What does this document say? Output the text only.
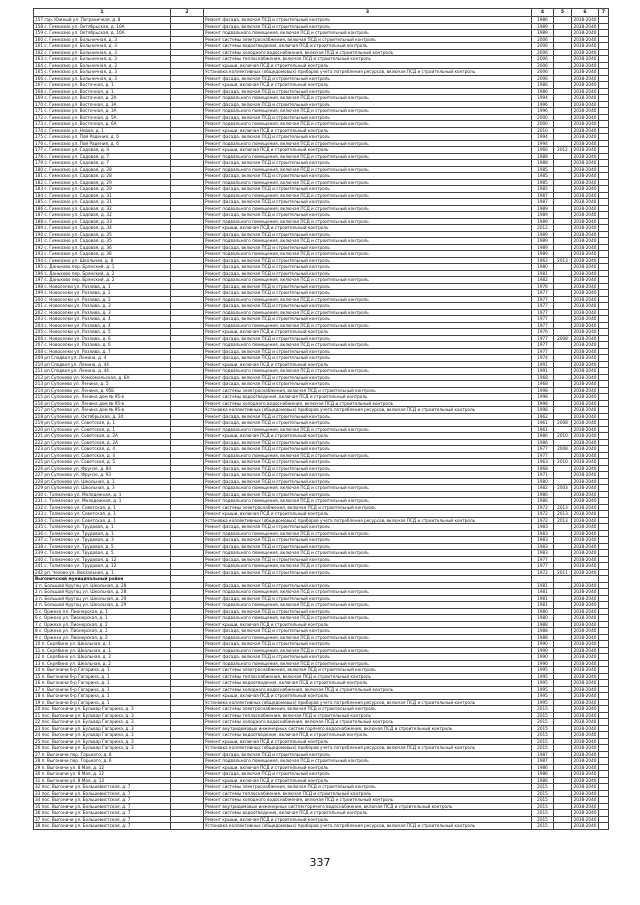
1	2	3	4	5	6	7
157 гор. Южный ул. Пограничная, д. 8		Ремонт фасада, включая ПСД и строительный контроль	1986		2038-2040	
158 с. Гимназио ул. Октябрьская, д. 10А		Ремонт фасада, включая ПСД и строительный контроль	1989		2038-2040	
159 с. Гимназио ул. Октябрьская, д. 10А		Ремонт подвального помещения, включая ПСД и строительный контроль	1989		2038-2040	
160 с. Гимназио ул. Больничная, д. 3		Ремонт системы электроснабжения, включая ПСД и строительный контроль	2006		2038-2040	
161 с. Гимназио ул. Больничная, д. 3		Ремонт системы водоотведения, включая ПСД и строительный контроль	2006		2038-2040	
162 с. Гимназио ул. Больничная, д. 3		Ремонт системы холодного водоснабжения, включая ПСД и строительный контроль	2006		2038-2040	
163 с. Гимназио ул. Больничная, д. 3		Ремонт системы теплоснабжения, включая ПСД и строительный контроль	2006		2038-2040	
164 с. Гимназио ул. Больничная, д. 3		Ремонт крыши, включая ПСД и строительный контроль	2006		2038-2040	
165 с. Гимназио ул. Больничная, д. 3		Установка коллективных (общедомовых) приборов учета потребления ресурсов, включая ПСД и строительный контроль	2006		2038-2040	
166 с. Гимназио ул. Больничная, д. 3		Ремонт фасада, включая ПСД и строительный контроль	2006		2038-2040	
167 с. Гимназио ул. Восточная, д. 1		Ремонт крыши, включая ПСД и строительный контроль	1986		2038-2040	
168 с. Гимназио ул. Восточная, д. 1		Ремонт фасада, включая ПСД и строительный контроль	1986		2038-2040	
169 с. Гимназио ул. Восточная, д. 2А		Ремонт подвального помещения, включая ПСД и строительный контроль	1994		2038-2040	
170 с. Гимназио ул. Восточная, д. 3А		Ремонт фасада, включая ПСД и строительный контроль	1996		2038-2040	
171 с. Гимназио ул. Восточная, д. 3А		Ремонт подвального помещения, включая ПСД и строительный контроль	1996		2038-2040	
172 с. Гимназио ул. Восточная, д. 5А		Ремонт фасада, включая ПСД и строительный контроль	2000		2038-2040	
173 с. Гимназио ул. Восточная, д. 6А		Ремонт подвального помещения, включая ПСД и строительный контроль	2000		2038-2040	
174 с. Гимназио ул. Новая, д. 1		Ремонт крыши, включая ПСД и строительный контроль	2010		2038-2040	
175 с. Гимназио ул. Пой Радения, д. 6		Ремонт фасада, включая ПСД и строительный контроль	1994		2038-2040	
176 с. Гимназио ул. Пой Радения, д. 6		Ремонт подвального помещения, включая ПСД и строительный контроль	1994		2038-2040	
177 с. Гимназио ул. Садовая, д. 4		Ремонт крыши, включая ПСД и строительный контроль	1966	2012	2038-2040	
178 с. Гимназио ул. Садовая, д. 7		Ремонт подвального помещения, включая ПСД и строительный контроль	1988		2038-2040	
179 с. Гимназио ул. Садовая, д. 7		Ремонт фасада, включая ПСД и строительный контроль	1988		2038-2040	
180 с. Гимназио ул. Садовая, д. 28		Ремонт подвального помещения, включая ПСД и строительный контроль	1985		2038-2040	
181 с. Гимназио ул. Садовая, д. 28		Ремонт фасада, включая ПСД и строительный контроль	1985		2038-2040	
182 с. Гимназио ул. Садовая, д. 29		Ремонт подвального помещения, включая ПСД и строительный контроль	1985		2038-2040	
183 с. Гимназио ул. Садовая, д. 29		Ремонт фасада, включая ПСД и строительный контроль	1985		2038-2040	
184 с. Гимназио ул. Садовая, д. 31		Ремонт подвального помещения, включая ПСД и строительный контроль	1987		2038-2040	
185 с. Гимназио ул. Садовая, д. 31		Ремонт фасада, включая ПСД и строительный контроль	1987		2038-2040	
186 с. Гимназио ул. Садовая, д. 32		Ремонт подвального помещения, включая ПСД и строительный контроль	1989		2038-2040	
187 с. Гимназио ул. Садовая, д. 32		Ремонт фасада, включая ПСД и строительный контроль	1989		2038-2040	
188 с. Гимназио ул. Садовая, д. 33		Ремонт подвального помещения, включая ПСД и строительный контроль	1989		2038-2040	
189 с. Гимназио ул. Садовая, д. 34		Ремонт крыши, включая ПСД и строительный контроль	2012		2038-2040	
190 с. Гимназио ул. Садовая, д. 35		Ремонт фасада, включая ПСД и строительный контроль	1989		2038-2040	
191 с. Гимназио ул. Садовая, д. 35		Ремонт подвального помещения, включая ПСД и строительный контроль	1989		2038-2040	
192 с. Гимназио ул. Садовая, д. 36		Ремонт фасада, включая ПСД и строительный контроль	1989		2038-2040	
193 с. Гимназио ул. Садовая, д. 36		Ремонт подвального помещения, включая ПСД и строительный контроль	1989		2038-2040	
194 с. Гимназио ул. Школьная, д. 8		Ремонт фасада, включая ПСД и строительный контроль	1962	2013	2038-2040	
195 с. Даньково пер. Брянский, д. 1		Ремонт фасада, включая ПСД и строительный контроль	1980		2038-2040	
196 с. Даньково пер. Брянский, д. 2		Ремонт фасада, включая ПСД и строительный контроль	1981		2038-2040	
197 с. Даньково пер. Брянский, д. 2		Ремонт подвального помещения, включая ПСД и строительный контроль	1982		2038-2040	
198 с. Новоселки ул. Разлива, д. 1		Ремонт фасада, включая ПСД и строительный контроль	1976		2038-2040	
199 с. Новоселки ул. Разлива, д. 2		Ремонт фасада, включая ПСД и строительный контроль	1977		2038-2040	
200 с. Новоселки ул. Разлива, д. 2		Ремонт подвального помещения, включая ПСД и строительный контроль	1977		2038-2040	
201 с. Новоселки ул. Разлива, д. 3		Ремонт фасада, включая ПСД и строительный контроль	1977		2038-2040	
202 с. Новоселки ул. Разлива, д. 3		Ремонт подвального помещения, включая ПСД и строительный контроль	1977		2038-2040	
203 с. Новоселки ул. Разлива, д. 4		Ремонт фасада, включая ПСД и строительный контроль	1977		2038-2040	
204 с. Новоселки ул. Разлива, д. 4		Ремонт подвального помещения, включая ПСД и строительный контроль	1977		2038-2040	
205 с. Новоселки ул. Разлива, д. 5		Ремонт крыши, включая ПСД и строительный контроль	1976		2038-2040	
206 с. Новоселки ул. Разлива, д. 6		Ремонт фасада, включая ПСД и строительный контроль	1977	2008	2038-2040	
207 с. Новоселки ул. Разлива, д. 6		Ремонт подвального помещения, включая ПСД и строительный контроль	1977		2038-2040	
208 с. Новоселки ул. Разлива, д. 7		Ремонт фасада, включая ПСД и строительный контроль	1977		2038-2040	
209 рп Сподвоя ул. Ленина, д. 4		Ремонт фасада, включая ПСД и строительный контроль	1974		2038-2040	
210 рп Сподвоя ул. Ленина, д. 44		Ремонт крыши, включая ПСД и строительный контроль	1991		2038-2040	
211 рп Сподвоя ул. Ленина, д. 44		Ремонт подвального помещения, включая ПСД и строительный контроль	1991		2038-2040	
212 рп Супонево ул. Комсомольская, д. 6А		Ремонт фасада, включая ПСД и строительный контроль	1968		2038-2040	
213 рп Супонево ул. Ленина, д. 5		Ремонт фасада, включая ПСД и строительный контроль	1968		2038-2040	
214 рп Супонево ул. Ленина, д. 95Б		Ремонт системы электроснабжения, включая ПСД и строительный контроль	1998		2038-2040	
215 рп Супонево ул. Ленина дом № 95-в		Ремонт системы водоотведения, включая ПСД и строительный контроль	1998		2038-2040	
216 рп Супонево ул. Ленина дом № 95-в		Ремонт системы холодного водоснабжения, включая ПСД и строительный контроль	1998		2038-2040	
217 рп Супонево ул. Ленина дом № 95-в		Установка коллективных (общедомовых) приборов учета потребления ресурсов, включая ПСД и строительный контроль	1998		2038-2040	
218 рп Супонево ул. Октябрьская, д. 34		Ремонт фасада, включая ПСД и строительный контроль	1962		2038-2040	
219 рп Супонево ул. Советская, д. 1		Ремонт фасада, включая ПСД и строительный контроль	1961	2008	2038-2040	
220 рп Супонево ул. Советская, д. 1		Ремонт подвального помещения, включая ПСД и строительный контроль	1961		2038-2040	
221 рп Супонево ул. Советская, д. 2А		Ремонт крыши, включая ПСД и строительный контроль	1986	2010	2038-2040	
222 рп Супонево ул. Советская, д. 2А		Ремонт фасада, включая ПСД и строительный контроль	1986		2038-2040	
223 рп Супонево ул. Советская, д. 4		Ремонт фасада, включая ПСД и строительный контроль	1977	2008	2038-2040	
224 рп Супонево ул. Советская, д. 4		Ремонт подвального помещения, включая ПСД и строительный контроль	1977		2038-2040	
225 рп Супонево ул. Советская, д. 5		Ремонт фасада, включая ПСД и строительный контроль	1963	2010	2038-2040	
226 рп Супонево ул. Фрунзе, д. 84		Ремонт фасада, включая ПСД и строительный контроль	1968		2038-2040	
227 рп Супонево ул. Фрунзе, д. 93		Ремонт фасада, включая ПСД и строительный контроль	1971		2038-2040	
228 рп Супонево ул. Школьная, д. 1		Ремонт фасада, включая ПСД и строительный контроль	1980		2038-2040	
229 рп Супонево ул. Школьная, д. 3		Ремонт подвального помещения, включая ПСД и строительный контроль	1982	2003	2038-2040	
230 с. Толмачево ул. Молодежная, д. 1		Ремонт фасада, включая ПСД и строительный контроль	1986		2038-2040	
231 с. Толмачево ул. Молодежная, д. 1		Ремонт подвального помещения, включая ПСД и строительный контроль	1986		2038-2040	
232 с. Толмачево ул. Советская, д. 1		Ремонт системы электроснабжения, включая ПСД и строительный контроль	1972	2013	2038-2040	
233 с. Толмачево ул. Советская, д. 1		Ремонт крыши, включая ПСД и строительный контроль	1972	2013	2038-2040	
234 с. Толмачево ул. Советская, д. 1		Установка коллективных (общедомовых) приборов учета потребления ресурсов, включая ПСД и строительный контроль	1972	2013	2038-2040	
235 с. Толмачево ул. Трудовая, д. 1		Ремонт фасада, включая ПСД и строительный контроль	1983		2038-2040	
236 с. Толмачево ул. Трудовая, д. 1		Ремонт подвального помещения, включая ПСД и строительный контроль	1983		2038-2040	
237 с. Толмачево ул. Трудовая, д. 3		Ремонт фасада, включая ПСД и строительный контроль	1983		2038-2040	
238 с. Толмачево ул. Трудовая, д. 5		Ремонт фасада, включая ПСД и строительный контроль	1983		2038-2040	
239 с. Толмачево ул. Трудовая, д. 5		Ремонт подвального помещения, включая ПСД и строительный контроль	1983		2038-2040	
240 с. Толмачево ул. Трудовая, д. 12		Ремонт фасада, включая ПСД и строительный контроль	1977		2038-2040	
241 с. Толмачево ул. Трудовая, д. 12		Ремонт подвального помещения, включая ПСД и строительный контроль	1977		2038-2040	
242 рп. Чехово ул. Вокзальная, д. 1		Ремонт фасада, включая ПСД и строительный контроль	1972	2011	2038-2040	
Выгоничский муниципальный район						
1 п. Большой Кругоц ул. Школьная, д. 28		Ремонт фасада, включая ПСД и строительный контроль	1981		2038-2040	
2 п. Большой Кругоц ул. Школьная, д. 28		Ремонт подвального помещения, включая ПСД и строительный контроль	1981		2038-2040	
3 п. Большой Кругоц ул. Школьная, д. 29		Ремонт фасада, включая ПСД и строительный контроль	1981		2038-2040	
4 п. Большой Кругоц ул. Школьная, д. 29		Ремонт подвального помещения, включая ПСД и строительный контроль	1981		2038-2040	
5 с. Оржехо пл. Пионерская, д. 1		Ремонт фасада, включая ПСД и строительный контроль	1980		2038-2040	
6 с. Оржехо ул. Пионерская, д. 1		Ремонт подвального помещения, включая ПСД и строительный контроль	1980		2038-2040	
7 с. Оржехо ул. Пионерская, д. 2		Ремонт крыши, включая ПСД и строительный контроль	1988		2038-2040	
8 с. Оржехо ул. Пионерская, д. 2		Ремонт фасада, включая ПСД и строительный контроль	1988		2038-2040	
9 с. Оржехо ул. Пионерская, д. 2		Ремонт подвального помещения, включая ПСД и строительный контроль	1988		2038-2040	
10 п. Скрябино ул. Школьная, д. 1		Ремонт фасада, включая ПСД и строительный контроль	1990		2038-2040	
11 п. Скрябино ул. Школьная, д. 1		Ремонт подвального помещения, включая ПСД и строительный контроль	1990		2038-2040	
12 п. Скрябино ул. Школьная, д. 2		Ремонт фасада, включая ПСД и строительный контроль	1990		2038-2040	
13 п. Скрябино ул. Школьная, д. 2		Ремонт подвального помещения, включая ПСД и строительный контроль	1990		2038-2040	
14 п. Выгоничи б-р Гагарина, д. 1		Ремонт системы электроснабжения, включая ПСД и строительный контроль	1995		2038-2040	
15 п. Выгоничи б-р Гагарина, д. 1		Ремонт системы теплоснабжения, включая ПСД и строительный контроль	1995		2038-2040	
16 п. Выгоничи б-р Гагарина, д. 1		Ремонт системы водоотведения, включая ПСД и строительный контроль	1995		2038-2040	
17 п. Выгоничи б-р Гагарина, д. 1		Ремонт системы холодного водоснабжения, включая ПСД и строительный контроль	1995		2038-2040	
18 п. Выгоничи б-р Гагарина, д. 1		Ремонт крыши, включая ПСД и строительный контроль	1995		2038-2040	
19 п. Выгоничи б-р Гагарина, д. 1		Установка коллективных (общедомовых) приборов учета потребления ресурсов, включая ПСД и строительный контроль	1995		2038-2040	
20 пос. Выгоничи ул. Бульвар Гагарина, д. 3		Ремонт системы электроснабжения, включая ПСД и строительный контроль	2015		2038-2040	
21 пос. Выгоничи ул. Бульвар Гагарина, д. 3		Ремонт системы теплоснабжения, включая ПСД и строительный контроль	2015		2038-2040	
22 пос. Выгоничи ул. Бульвар Гагарина, д. 3		Ремонт системы холодного водоснабжения, включая ПСД и строительный контроль	2015		2038-2040	
23 пос. Выгоничи ул. Бульвар Гагарина, д. 3		Ремонт внутридомовых инженерных систем горячего водоснабжения, включая ПСД и строительный контроль	2015		2038-2040	
24 пос. Выгоничи ул. Бульвар Гагарина, д. 3		Ремонт системы водоотведения, включая ПСД и строительный контроль	2015		2038-2040	
25 пос. Выгоничи ул. Бульвар Гагарина, д. 3		Ремонт крыши, включая ПСД и строительный контроль	2015		2038-2040	
26 пос. Выгоничи ул. Бульвар Гагарина, д. 3		Установка коллективных (общедомовых) приборов учета потребления ресурсов, включая ПСД и строительный контроль	2015		2038-2040	
27 п. Выгоничи пер. Горького, д. 6		Ремонт фасада, включая ПСД и строительный контроль	1987		2038-2040	
28 п. Выгоничи пер. Горького, д. 6		Ремонт подвального помещения, включая ПСД и строительный контроль	1987		2038-2040	
29 п. Выгоничи ул. 8 Мая, д. 12		Ремонт крыши, включая ПСД и строительный контроль	1986		2038-2040	
30 п. Выгоничи ул. 8 Мая, д. 12		Ремонт фасада, включая ПСД и строительный контроль	1986		2038-2040	
31 п. Выгоничи ул. 8 Мая, д. 13		Ремонт крыши, включая ПСД и строительный контроль	1986		2038-2040	
32 пос. Выгоничи ул. Большевистская, д. 7		Ремонт системы электроснабжения, включая ПСД и строительный контроль	2015		2038-2040	
33 пос. Выгоничи ул. Большевистская, д. 7		Ремонт системы теплоснабжения, включая ПСД и строительный контроль	2015		2038-2040	
34 пос. Выгоничи ул. Большевистская, д. 7		Ремонт системы холодного водоснабжения, включая ПСД и строительный контроль	2015		2038-2040	
35 пос. Выгоничи ул. Большевистская, д. 7		Ремонт внутридомовых инженерных систем горячего водоснабжения, включая ПСД и строительный контроль	2015		2038-2040	
36 пос. Выгоничи ул. Большевистская, д. 7		Ремонт системы водоотведения, включая ПСД и строительный контроль	2015		2038-2040	
37 пос. Выгоничи ул. Большевистская, д. 7		Ремонт крыши, включая ПСД и строительный контроль	2015		2038-2040	
38 пос. Выгоничи ул. Большевистская, д. 7		Установка коллективных (общедомовых) приборов учета потребления ресурсов, включая ПСД и строительный контроль	2015		2038-2040	
337
